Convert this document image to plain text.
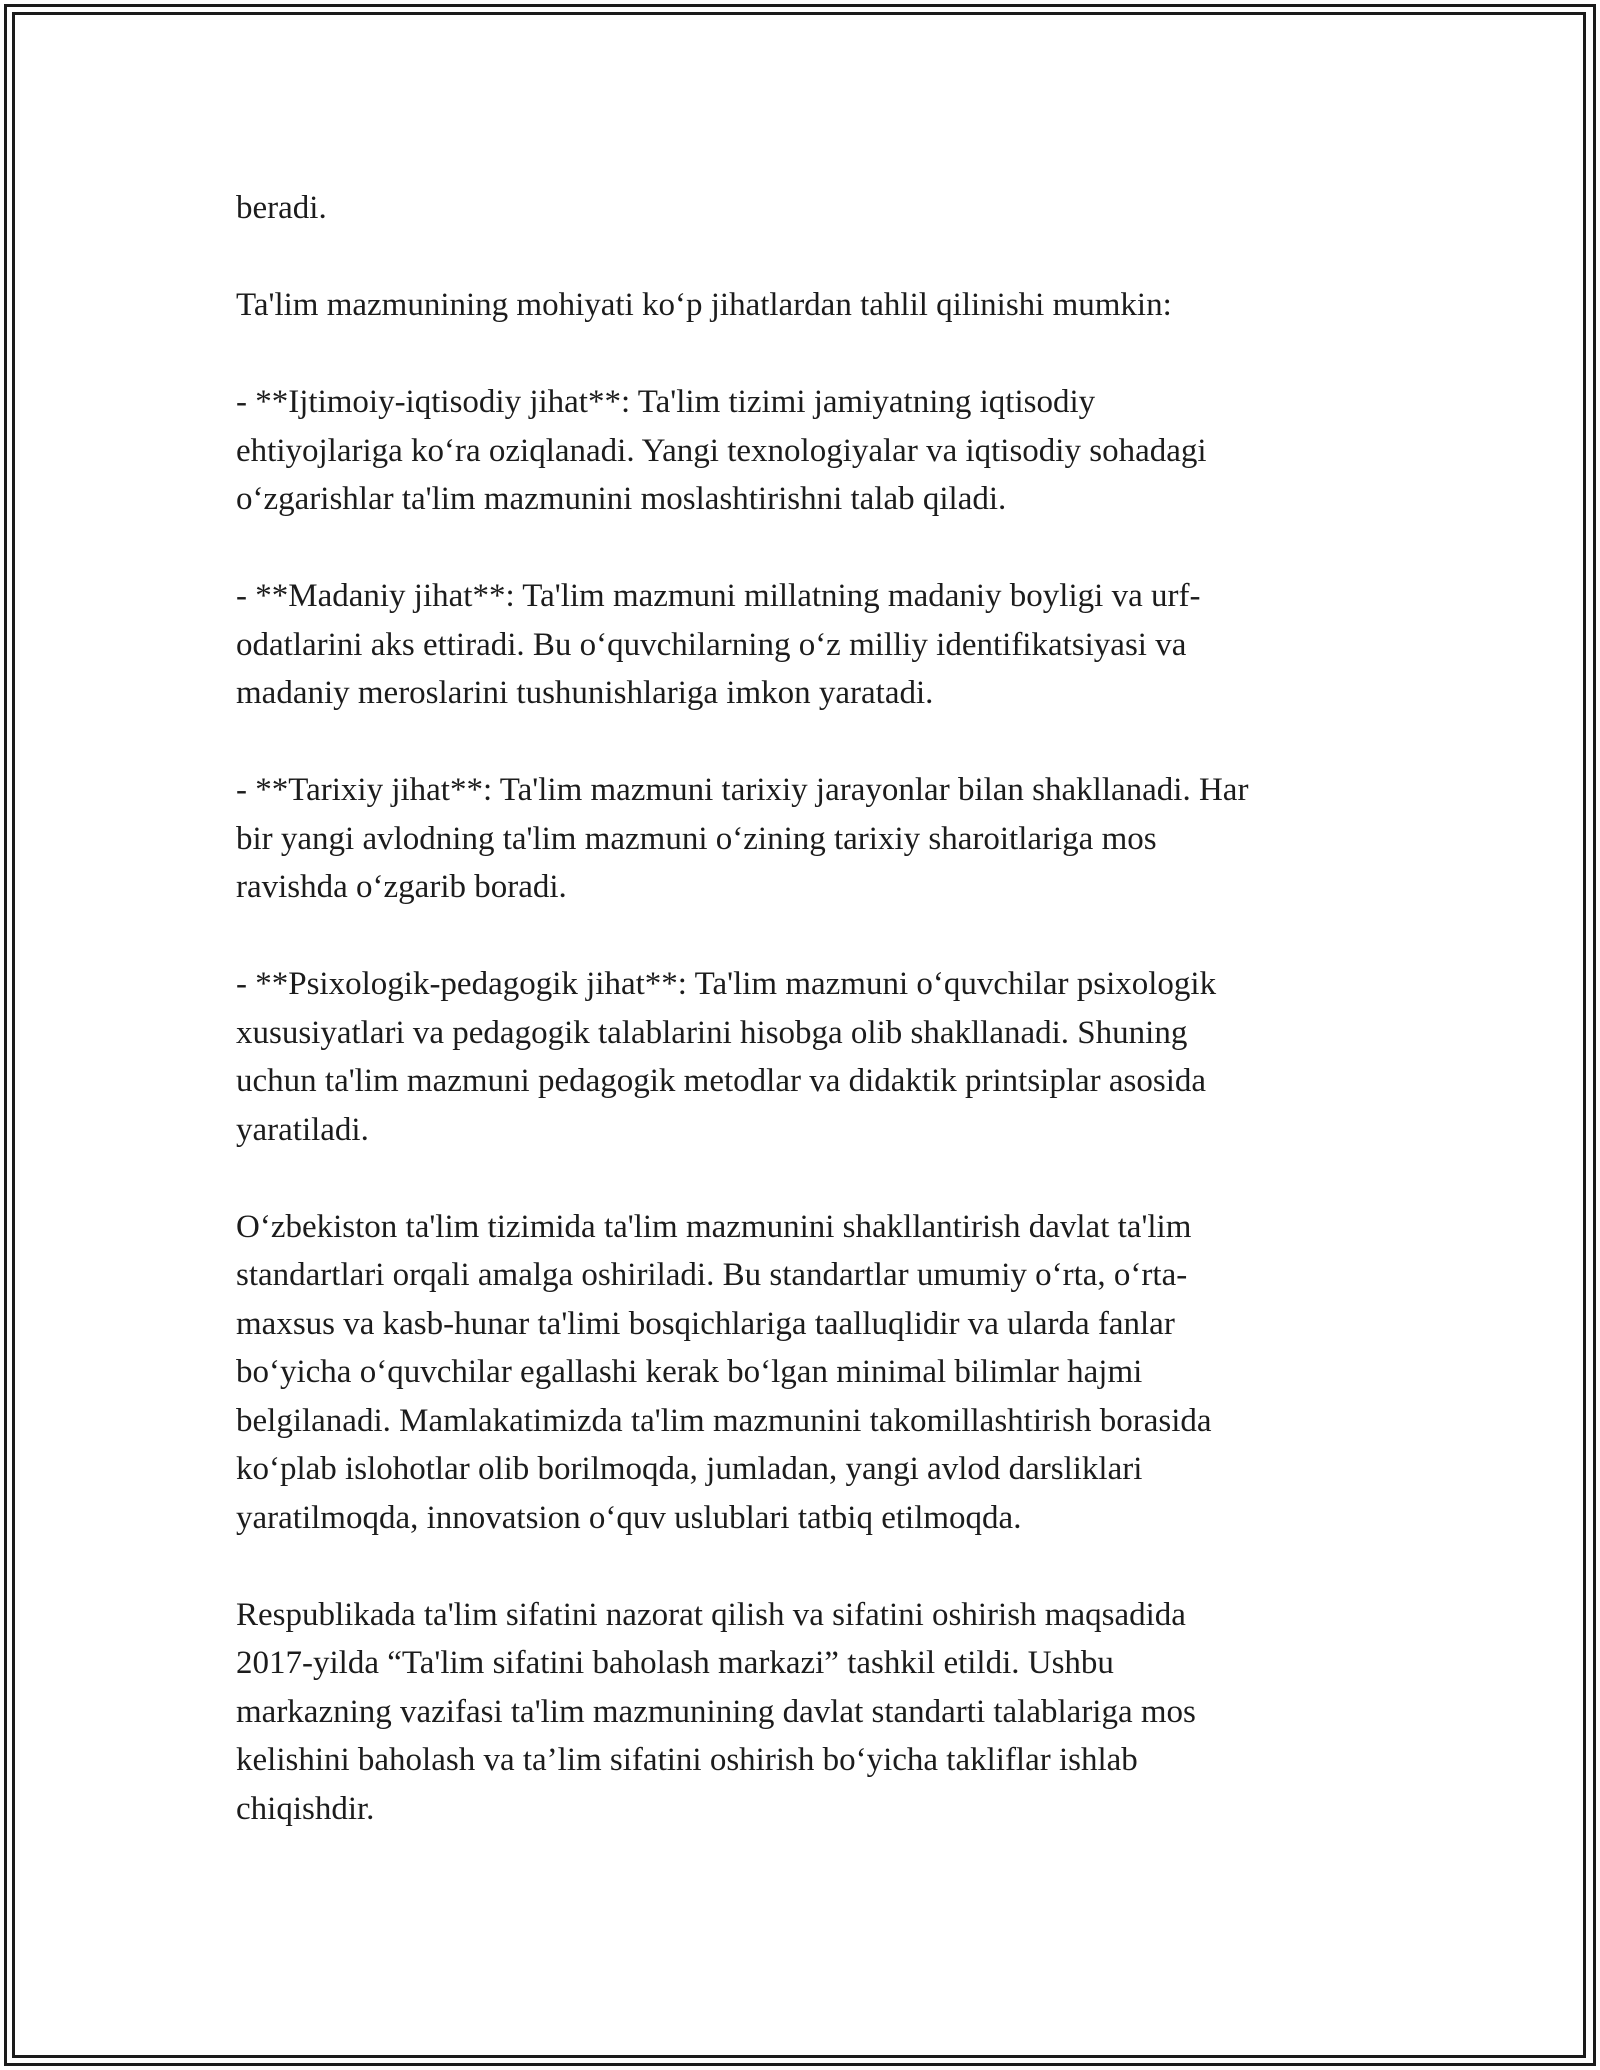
beradi.

Ta'lim mazmunining mohiyati ko‘p jihatlardan tahlil qilinishi mumkin:

- **Ijtimoiy-iqtisodiy jihat**: Ta'lim tizimi jamiyatning iqtisodiy
ehtiyojlariga ko‘ra oziqlanadi. Yangi texnologiyalar va iqtisodiy sohadagi
o‘zgarishlar ta'lim mazmunini moslashtirishni talab qiladi.

- **Madaniy jihat**: Ta'lim mazmuni millatning madaniy boyligi va urf-
odatlarini aks ettiradi. Bu o‘quvchilarning o‘z milliy identifikatsiyasi va
madaniy meroslarini tushunishlariga imkon yaratadi.

- **Tarixiy jihat**: Ta'lim mazmuni tarixiy jarayonlar bilan shakllanadi. Har
bir yangi avlodning ta'lim mazmuni o‘zining tarixiy sharoitlariga mos
ravishda o‘zgarib boradi.

- **Psixologik-pedagogik jihat**: Ta'lim mazmuni o‘quvchilar psixologik
xususiyatlari va pedagogik talablarini hisobga olib shakllanadi. Shuning
uchun ta'lim mazmuni pedagogik metodlar va didaktik printsiplar asosida
yaratiladi.

O‘zbekiston ta'lim tizimida ta'lim mazmunini shakllantirish davlat ta'lim
standartlari orqali amalga oshiriladi. Bu standartlar umumiy o‘rta, o‘rta-
maxsus va kasb-hunar ta'limi bosqichlariga taalluqlidir va ularda fanlar
bo‘yicha o‘quvchilar egallashi kerak bo‘lgan minimal bilimlar hajmi
belgilanadi. Mamlakatimizda ta'lim mazmunini takomillashtirish borasida
ko‘plab islohotlar olib borilmoqda, jumladan, yangi avlod darsliklari
yaratilmoqda, innovatsion o‘quv uslublari tatbiq etilmoqda.

Respublikada ta'lim sifatini nazorat qilish va sifatini oshirish maqsadida
2017-yilda “Ta'lim sifatini baholash markazi” tashkil etildi. Ushbu
markazning vazifasi ta'lim mazmunining davlat standarti talablariga mos
kelishini baholash va ta’lim sifatini oshirish bo‘yicha takliflar ishlab
chiqishdir.
